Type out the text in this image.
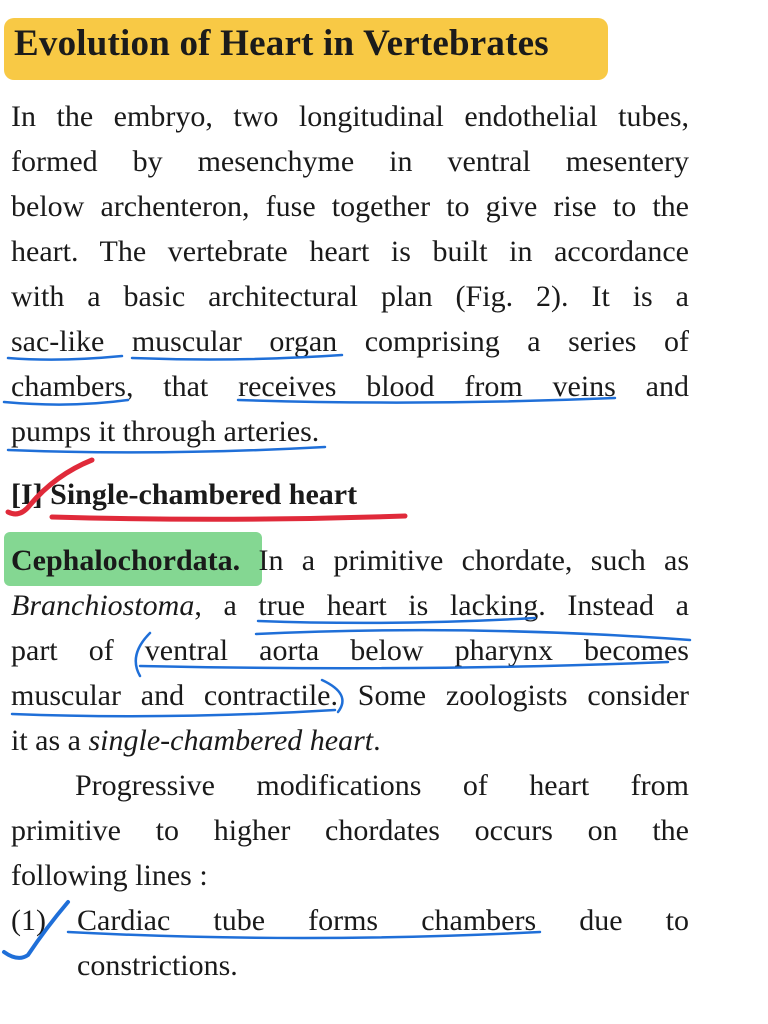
Evolution of Heart in Vertebrates

In the embryo, two longitudinal endothelial tubes,

formed by mesenchyme in ventral mesentery

below archenteron, fuse together to give rise to the

heart. The vertebrate heart is built in accordance

with a basic architectural plan (Fig. 2). It is a

sac-like muscular organ comprising a series of

chambers, that receives blood from veins and

pumps it through arteries.

[I] Single-chambered heart

Cephalochordata. In a primitive chordate, such as

Branchiostoma, a true heart is lacking. Instead a

part of ventral aorta below pharynx becomes

muscular and contractile. Some zoologists consider

it as a single-chambered heart.

Progressive modifications of heart from

primitive to higher chordates occurs on the

following lines :

(1) Cardiac tube forms chambers due to

constrictions.
